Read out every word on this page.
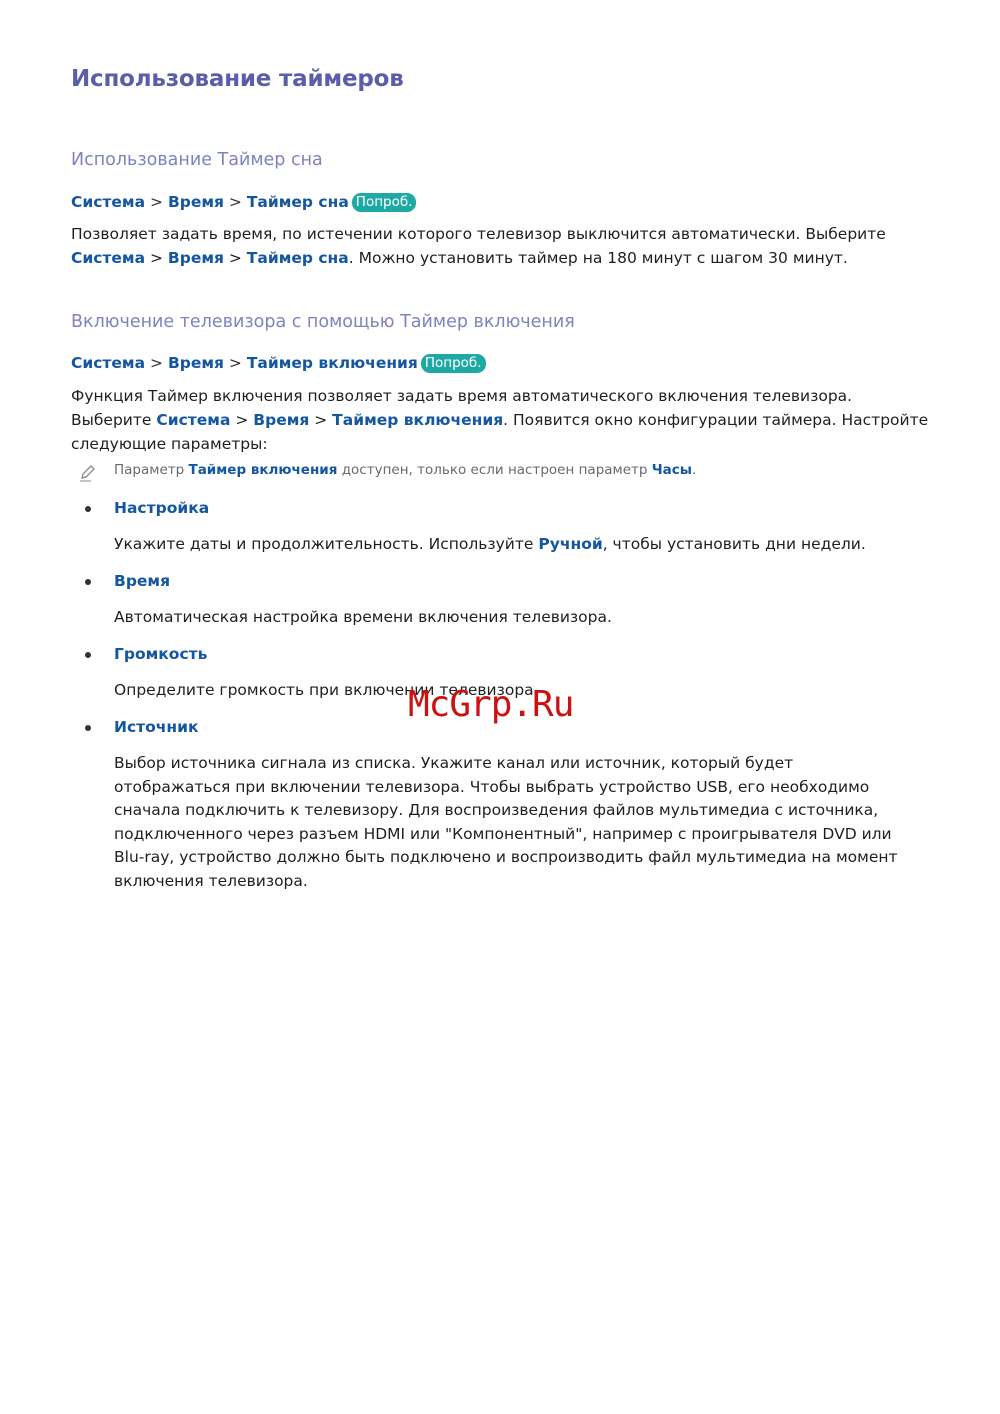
Использование таймеров
Использование Таймер сна
Система > Время > Таймер сна Попроб.
Позволяет задать время, по истечении которого телевизор выключится автоматически. Выберите Система > Время > Таймер сна. Можно установить таймер на 180 минут с шагом 30 минут.
Включение телевизора с помощью Таймер включения
Система > Время > Таймер включения Попроб.
Функция Таймер включения позволяет задать время автоматического включения телевизора. Выберите Система > Время > Таймер включения. Появится окно конфигурации таймера. Настройте следующие параметры:
Параметр Таймер включения доступен, только если настроен параметр Часы.
Настройка
Укажите даты и продолжительность. Используйте Ручной, чтобы установить дни недели.
Время
Автоматическая настройка времени включения телевизора.
Громкость
Определите громкость при включении телевизора.
Источник
Выбор источника сигнала из списка. Укажите канал или источник, который будет отображаться при включении телевизора. Чтобы выбрать устройство USB, его необходимо сначала подключить к телевизору. Для воспроизведения файлов мультимедиа с источника, подключенного через разъем HDMI или "Компонентный", например с проигрывателя DVD или Blu-ray, устройство должно быть подключено и воспроизводить файл мультимедиа на момент включения телевизора.
McGrp.Ru
